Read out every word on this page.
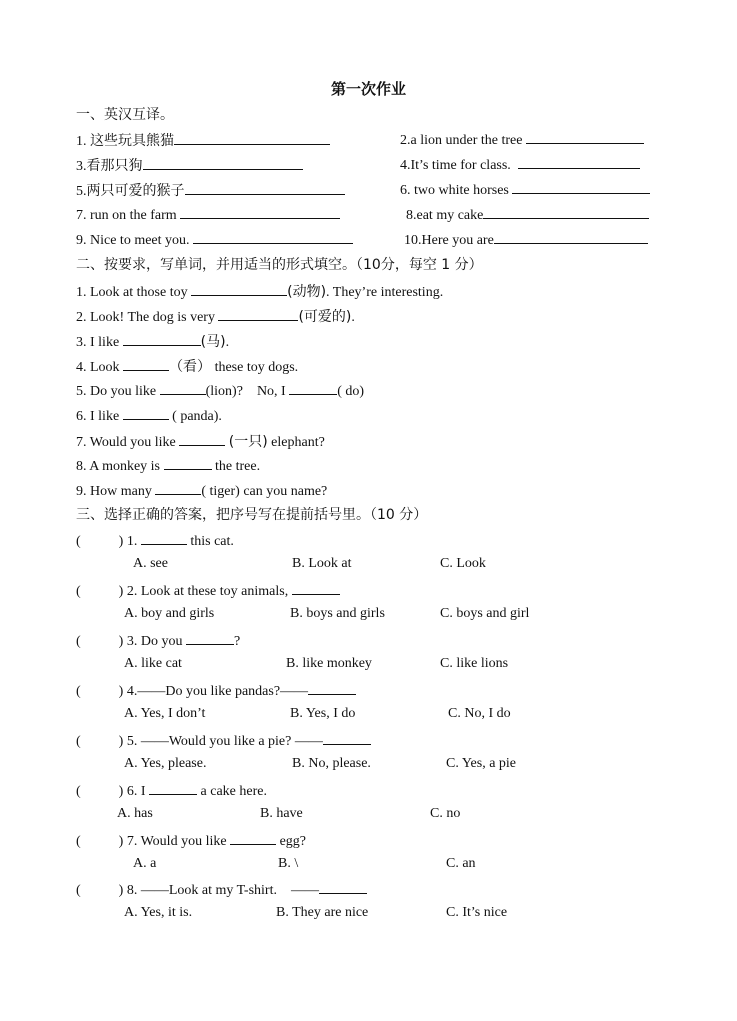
第一次作业
一、英汉互译。
1. 这些玩具熊猫	2.a lion under the tree
3.看那只狗	4.It’s time for class.
5.两只可爱的猴子	6. two white horses
7. run on the farm	8.eat my cake
9. Nice to meet you.	10.Here you are
二、按要求，写单词，并用适当的形式填空。（10分，每空 1 分）
1. Look at those toy	(动物). They’re interesting.
2. Look! The dog is very	(可爱的).
3. I like	(马).
4. Look	（看） these toy dogs.
5. Do you like	(lion)?    No, I	( do)
6. I like	( panda).
7. Would you like	(一只) elephant?
8. A monkey is	the tree.
9. How many	( tiger) can you name?
三、选择正确的答案，把序号写在提前括号里。（10 分）
(	) 1.	this cat.
A. see	B. Look at	C. Look
(	) 2. Look at these toy animals,
A. boy and girls	B. boys and girls	C. boys and girl
(	) 3. Do you	?
A. like cat	B. like monkey	C. like lions
(	) 4.——Do you like pandas?——
A. Yes, I don’t	B. Yes, I do	C. No, I do
(	) 5. ——Would you like a pie? ——
A. Yes, please.	B. No, please.	C. Yes, a pie
(	) 6. I	a cake here.
A. has	B. have	C. no
(	) 7. Would you like	egg?
A. a	B. \	C. an
(	) 8. ——Look at my T-shirt.    ——
A. Yes, it is.	B. They are nice	C. It’s nice
